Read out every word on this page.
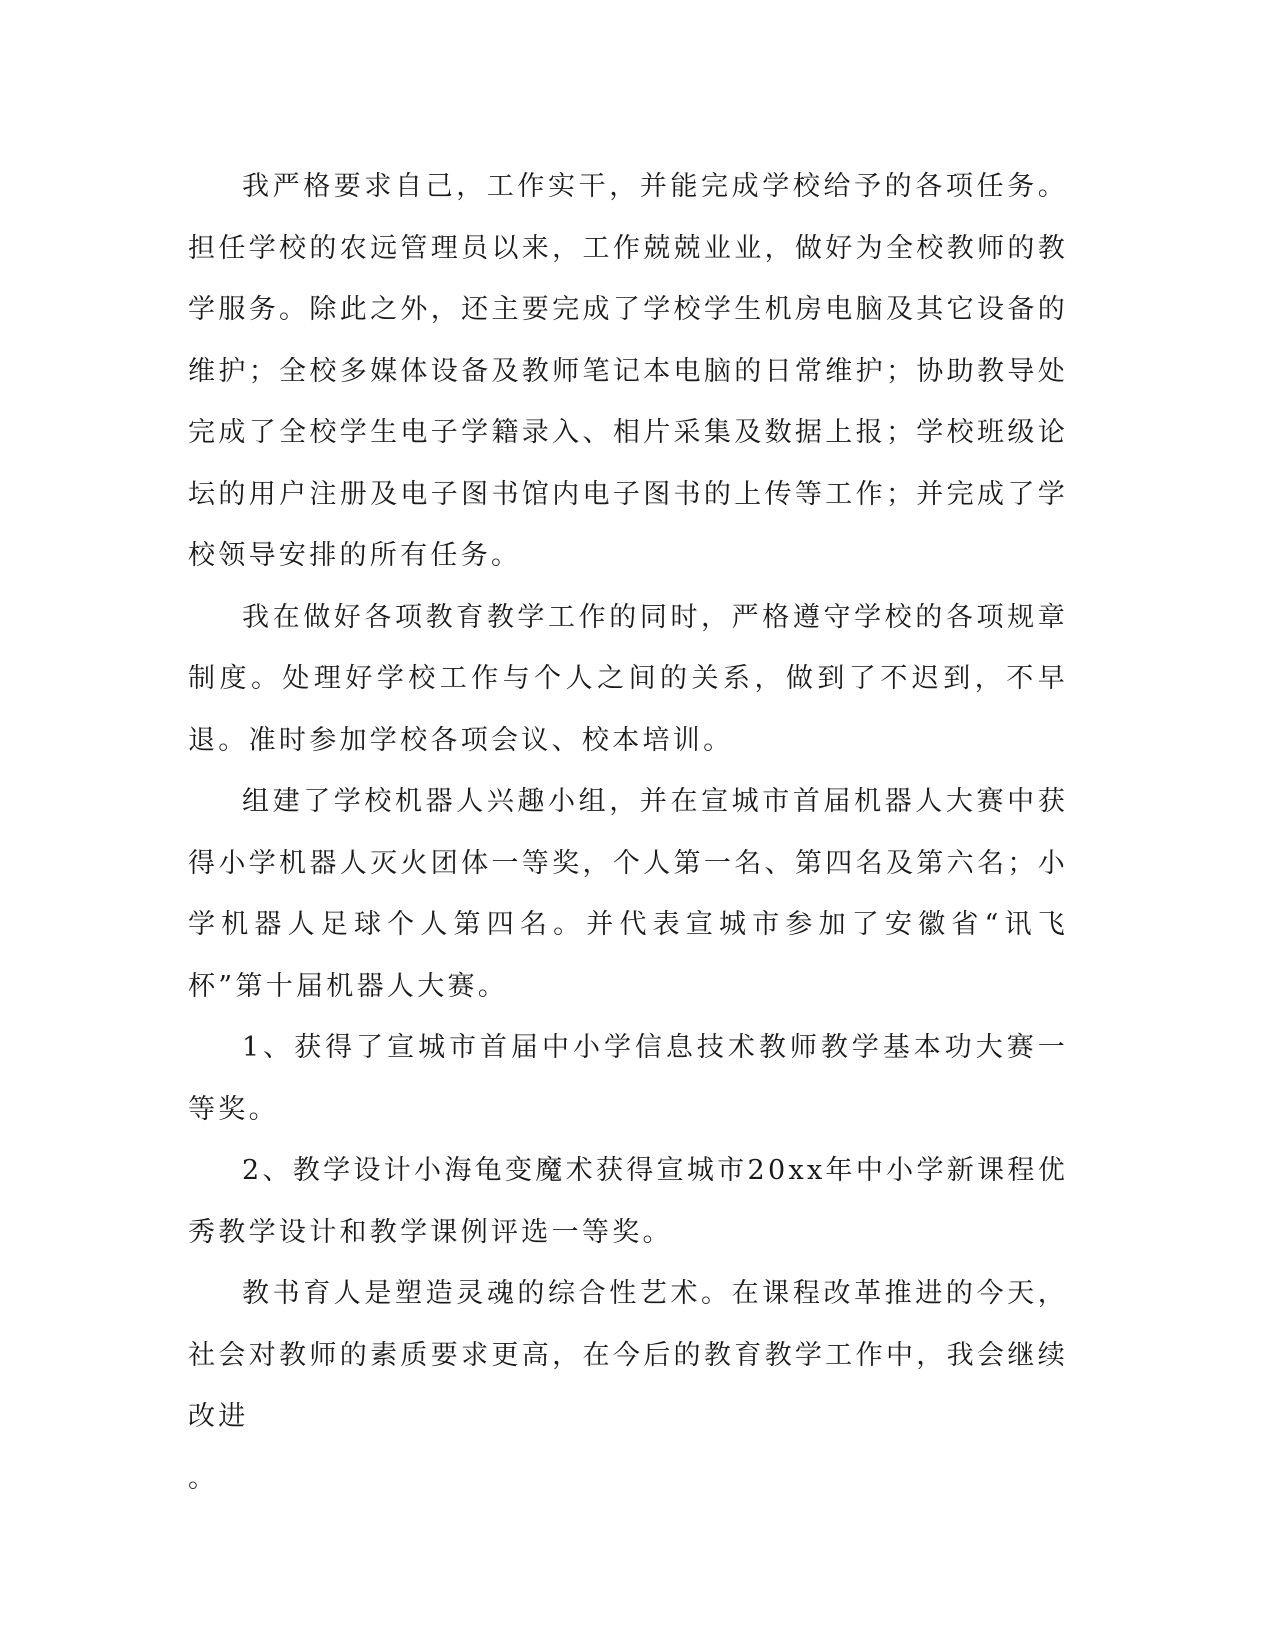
我严格要求自己，工作实干，并能完成学校给予的各项任务。担任学校的农远管理员以来，工作兢兢业业，做好为全校教师的教学服务。除此之外，还主要完成了学校学生机房电脑及其它设备的维护；全校多媒体设备及教师笔记本电脑的日常维护；协助教导处完成了全校学生电子学籍录入、相片采集及数据上报；学校班级论坛的用户注册及电子图书馆内电子图书的上传等工作；并完成了学校领导安排的所有任务。

我在做好各项教育教学工作的同时，严格遵守学校的各项规章制度。处理好学校工作与个人之间的关系，做到了不迟到，不早退。准时参加学校各项会议、校本培训。

组建了学校机器人兴趣小组，并在宣城市首届机器人大赛中获得小学机器人灭火团体一等奖，个人第一名、第四名及第六名；小学机器人足球个人第四名。并代表宣城市参加了安徽省“讯飞杯”第十届机器人大赛。

1、获得了宣城市首届中小学信息技术教师教学基本功大赛一等奖。

2、教学设计小海龟变魔术获得宣城市20xx年中小学新课程优秀教学设计和教学课例评选一等奖。

教书育人是塑造灵魂的综合性艺术。在课程改革推进的今天，社会对教师的素质要求更高，在今后的教育教学工作中，我会继续改进

。
